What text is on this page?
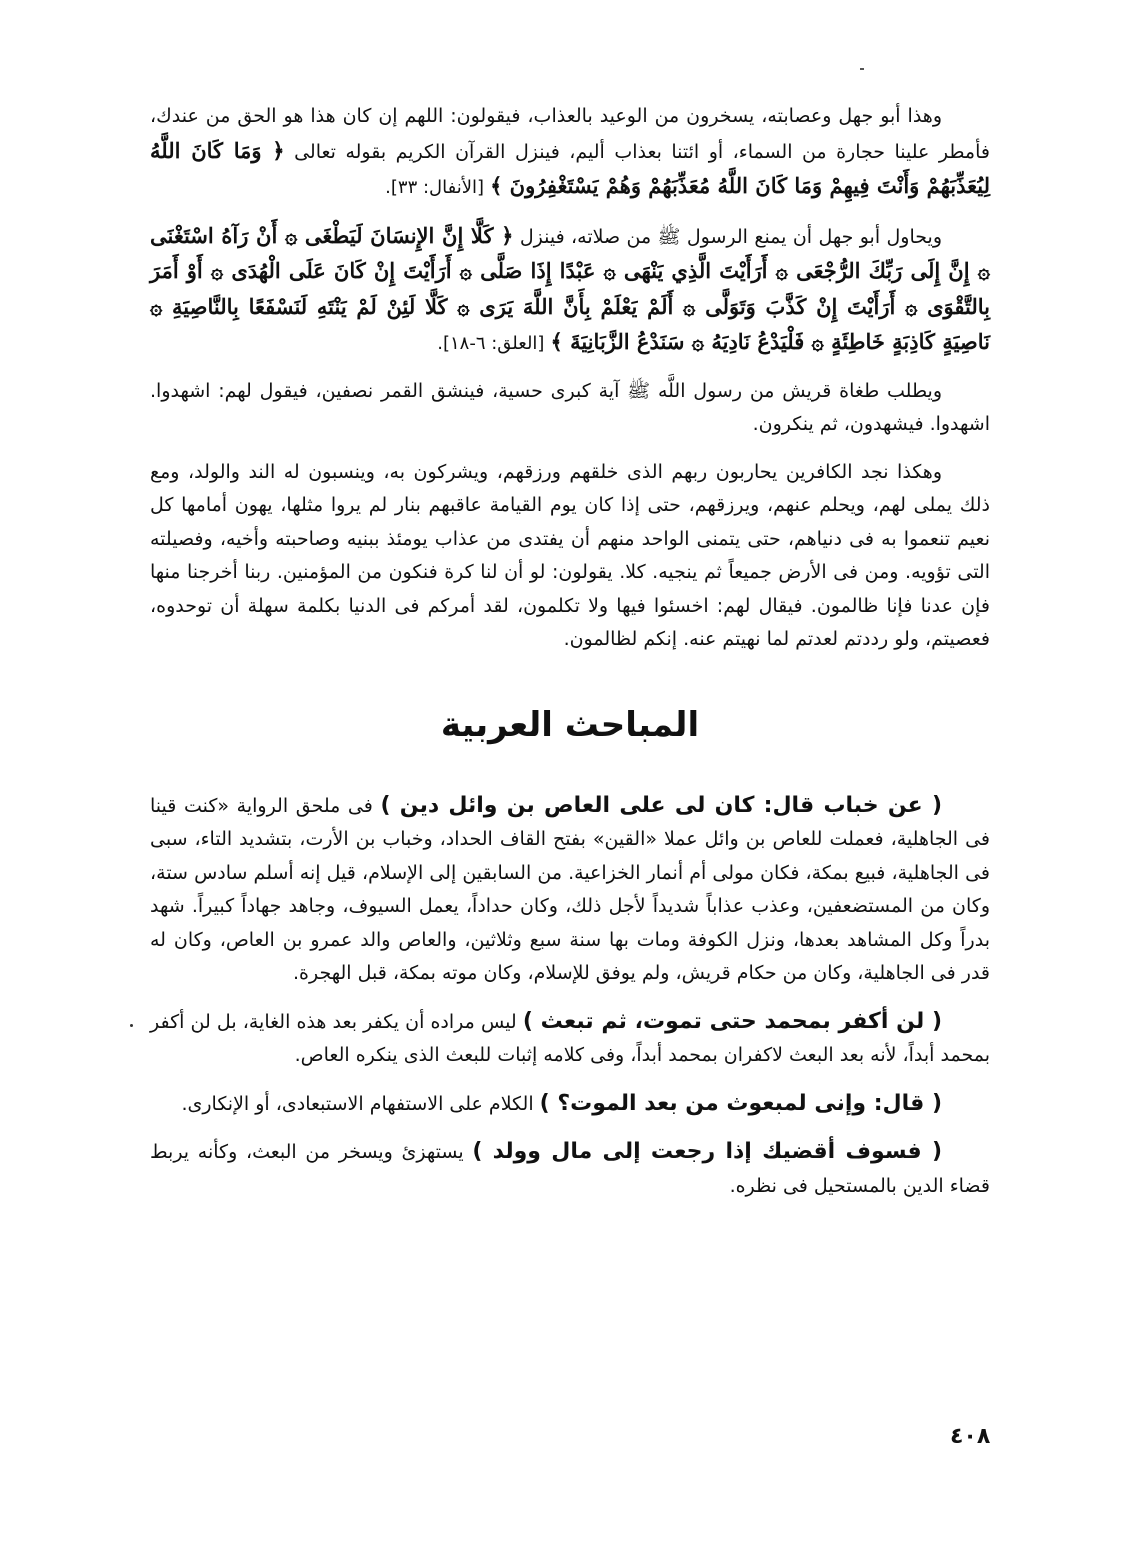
وهذا أبو جهل وعصابته، يسخرون من الوعيد بالعذاب، فيقولون: اللهم إن كان هذا هو الحق من عندك، فأمطر علينا حجارة من السماء، أو ائتنا بعذاب أليم، فينزل القرآن الكريم بقوله تعالى ﴿ وَمَا كَانَ اللَّهُ لِيُعَذِّبَهُمْ وَأَنْتَ فِيهِمْ وَمَا كَانَ اللَّهُ مُعَذِّبَهُمْ وَهُمْ يَسْتَغْفِرُونَ ﴾ [الأنفال: ٣٣].

ويحاول أبو جهل أن يمنع الرسول ﷺ من صلاته، فينزل ﴿ كَلَّا إِنَّ الإِنسَانَ لَيَطْغَى ۞ أَنْ رَآهُ اسْتَغْنَى ۞ إِنَّ إِلَى رَبِّكَ الرُّجْعَى ۞ أَرَأَيْتَ الَّذِي يَنْهَى ۞ عَبْدًا إِذَا صَلَّى ۞ أَرَأَيْتَ إِنْ كَانَ عَلَى الْهُدَى ۞ أَوْ أَمَرَ بِالتَّقْوَى ۞ أَرَأَيْتَ إِنْ كَذَّبَ وَتَوَلَّى ۞ أَلَمْ يَعْلَمْ بِأَنَّ اللَّهَ يَرَى ۞ كَلَّا لَئِنْ لَمْ يَنْتَهِ لَنَسْفَعًا بِالنَّاصِيَةِ ۞ نَاصِيَةٍ كَاذِبَةٍ خَاطِئَةٍ ۞ فَلْيَدْعُ نَادِيَهُ ۞ سَنَدْعُ الزَّبَانِيَةَ ﴾ [العلق: ٦-١٨].

ويطلب طغاة قريش من رسول اللَّه ﷺ آية كبرى حسية، فينشق القمر نصفين، فيقول لهم: اشهدوا. اشهدوا. فيشهدون، ثم ينكرون.

وهكذا نجد الكافرين يحاربون ربهم الذى خلقهم ورزقهم، ويشركون به، وينسبون له الند والولد، ومع ذلك يملى لهم، ويحلم عنهم، ويرزقهم، حتى إذا كان يوم القيامة عاقبهم بنار لم يروا مثلها، يهون أمامها كل نعيم تنعموا به فى دنياهم، حتى يتمنى الواحد منهم أن يفتدى من عذاب يومئذ ببنيه وصاحبته وأخيه، وفصيلته التى تؤويه. ومن فى الأرض جميعاً ثم ينجيه. كلا. يقولون: لو أن لنا كرة فنكون من المؤمنين. ربنا أخرجنا منها فإن عدنا فإنا ظالمون. فيقال لهم: اخسئوا فيها ولا تكلمون، لقد أمركم فى الدنيا بكلمة سهلة أن توحدوه، فعصيتم، ولو رددتم لعدتم لما نهيتم عنه. إنكم لظالمون.

المباحث العربية

( عن خباب قال: كان لى على العاص بن وائل دين ) فى ملحق الرواية «كنت قينا فى الجاهلية، فعملت للعاص بن وائل عملا «القين» بفتح القاف الحداد، وخباب بن الأرت، بتشديد التاء، سبى فى الجاهلية، فبيع بمكة، فكان مولى أم أنمار الخزاعية. من السابقين إلى الإسلام، قيل إنه أسلم سادس ستة، وكان من المستضعفين، وعذب عذاباً شديداً لأجل ذلك، وكان حداداً، يعمل السيوف، وجاهد جهاداً كبيراً. شهد بدراً وكل المشاهد بعدها، ونزل الكوفة ومات بها سنة سبع وثلاثين، والعاص والد عمرو بن العاص، وكان له قدر فى الجاهلية، وكان من حكام قريش، ولم يوفق للإسلام، وكان موته بمكة، قبل الهجرة.

( لن أكفر بمحمد حتى تموت، ثم تبعث ) ليس مراده أن يكفر بعد هذه الغاية، بل لن أكفر بمحمد أبداً، لأنه بعد البعث لاكفران بمحمد أبداً، وفى كلامه إثبات للبعث الذى ينكره العاص.

( قال: وإنى لمبعوث من بعد الموت؟ ) الكلام على الاستفهام الاستبعادى، أو الإنكارى.

( فسوف أقضيك إذا رجعت إلى مال وولد ) يستهزئ ويسخر من البعث، وكأنه يربط قضاء الدين بالمستحيل فى نظره.

٤٠٨
